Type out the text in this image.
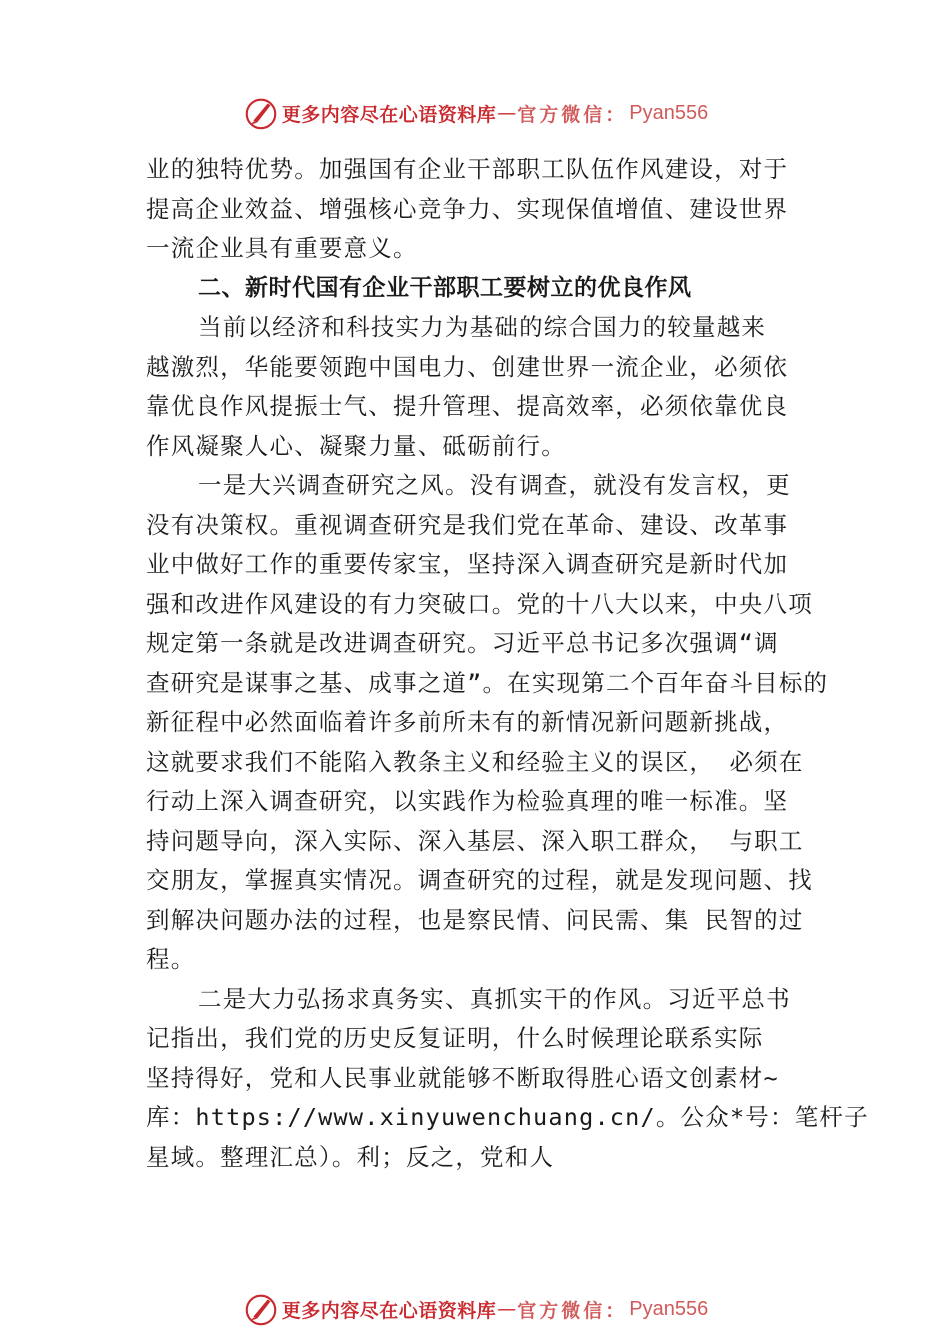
更多内容尽在心语资料库 — 官方微信： Pyan556
业的独特优势。加强国有企业干部职工队伍作风建设，对于
提高企业效益、增强核心竞争力、实现保值增值、建设世界
一流企业具有重要意义。
二、新时代国有企业干部职工要树立的优良作风
当前以经济和科技实力为基础的综合国力的较量越来
越激烈，华能要领跑中国电力、创建世界一流企业，必须依
靠优良作风提振士气、提升管理、提高效率，必须依靠优良
作风凝聚人心、凝聚力量、砥砺前行。
一是大兴调查研究之风。没有调查，就没有发言权，更
没有决策权。重视调查研究是我们党在革命、建设、改革事
业中做好工作的重要传家宝，坚持深入调查研究是新时代加
强和改进作风建设的有力突破口。党的十八大以来，中央八项
规定第一条就是改进调查研究。习近平总书记多次强调“调
查研究是谋事之基、成事之道”。在实现第二个百年奋斗目标的
新征程中必然面临着许多前所未有的新情况新问题新挑战，
这就要求我们不能陷入教条主义和经验主义的误区， 必须在
行动上深入调查研究，以实践作为检验真理的唯一标准。坚
持问题导向，深入实际、深入基层、深入职工群众， 与职工
交朋友，掌握真实情况。调查研究的过程，就是发现问题、找
到解决问题办法的过程，也是察民情、问民需、集 民智的过
程。
二是大力弘扬求真务实、真抓实干的作风。习近平总书
记指出，我们党的历史反复证明，什么时候理论联系实际
坚持得好，党和人民事业就能够不断取得胜心语文创素材~
库：https://www.xinyuwenchuang.cn/。公众*号：笔杆子
星域。整理汇总）。利；反之，党和人
更多内容尽在心语资料库 — 官方微信： Pyan556
